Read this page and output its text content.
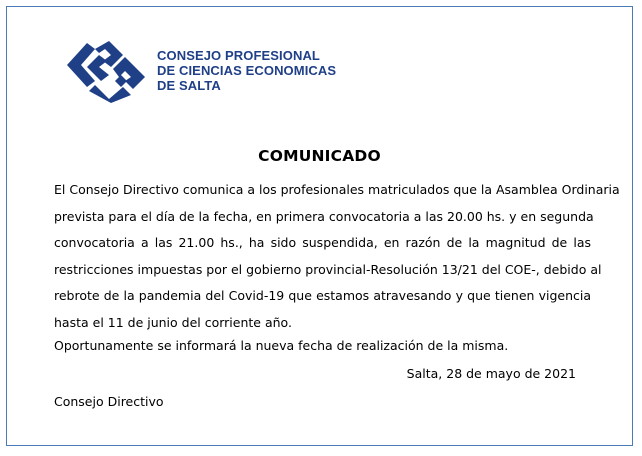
CONSEJO PROFESIONAL
DE CIENCIAS ECONOMICAS
DE SALTA
COMUNICADO
El Consejo Directivo comunica a los profesionales matriculados que la Asamblea Ordinaria
prevista para el día de la fecha, en primera convocatoria a las 20.00 hs. y en segunda
convocatoria a las 21.00 hs., ha sido suspendida, en razón de la magnitud de las
restricciones impuestas por el gobierno provincial-Resolución 13/21 del COE-, debido al
rebrote de la pandemia del Covid-19 que estamos atravesando y que tienen vigencia
hasta el 11 de junio del corriente año.
Oportunamente se informará la nueva fecha de realización de la misma.
Salta, 28 de mayo de 2021
Consejo Directivo
